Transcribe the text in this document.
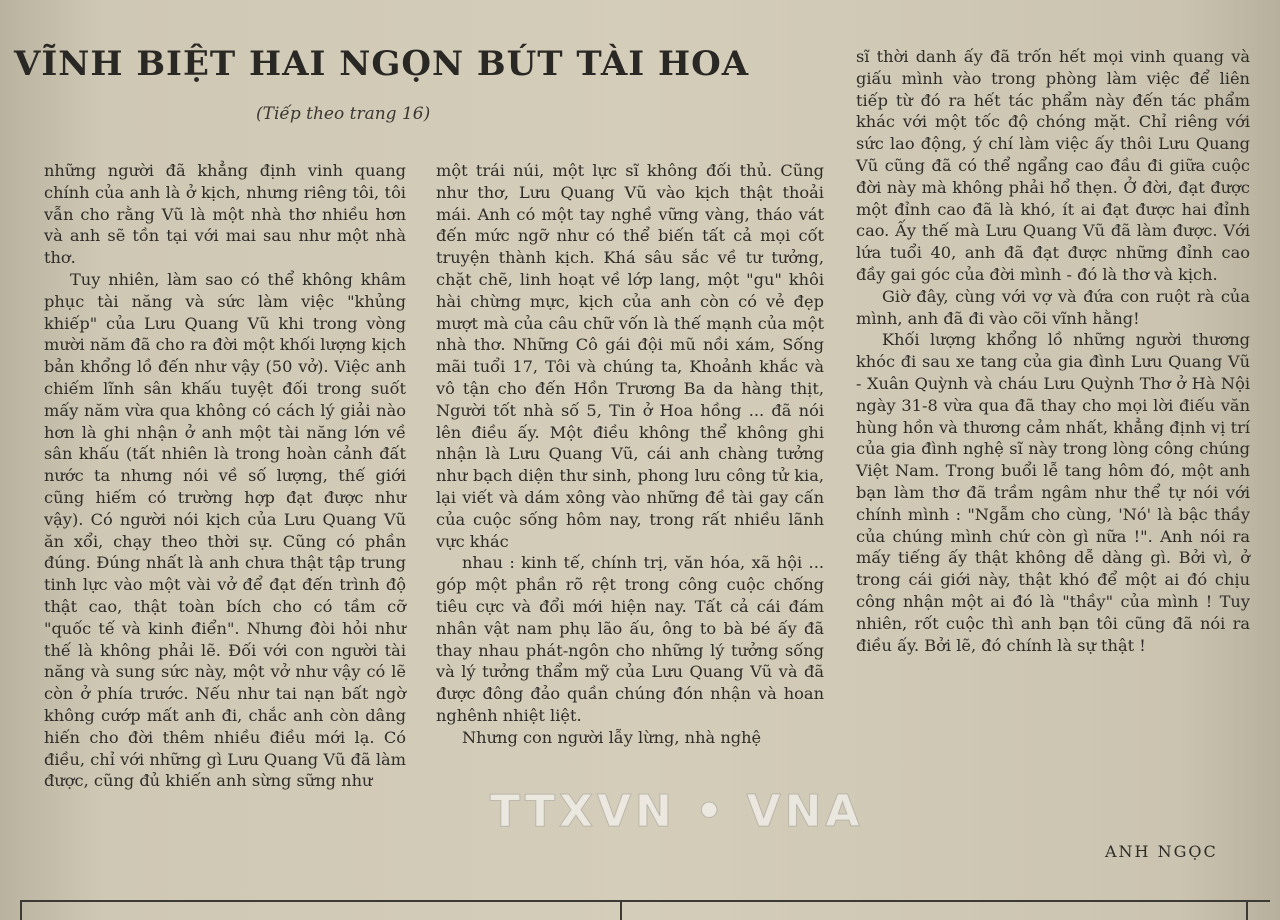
VĨNH BIỆT HAI NGỌN BÚT TÀI HOA
(Tiếp theo trang 16)

những người đã khẳng định vinh quang chính của anh là ở kịch, nhưng riêng tôi, tôi vẫn cho rằng Vũ là một nhà thơ nhiều hơn và anh sẽ tồn tại với mai sau như một nhà thơ.

Tuy nhiên, làm sao có thể không khâm phục tài năng và sức làm việc "khủng khiếp" của Lưu Quang Vũ khi trong vòng mười năm đã cho ra đời một khối lượng kịch bản khổng lồ đến như vậy (50 vở). Việc anh chiếm lĩnh sân khấu tuyệt đối trong suốt mấy năm vừa qua không có cách lý giải nào hơn là ghi nhận ở anh một tài năng lớn về sân khấu (tất nhiên là trong hoàn cảnh đất nước ta nhưng nói về số lượng, thế giới cũng hiếm có trường hợp đạt được như vậy). Có người nói kịch của Lưu Quang Vũ ăn xổi, chạy theo thời sự. Cũng có phần đúng. Đúng nhất là anh chưa thật tập trung tinh lực vào một vài vở để đạt đến trình độ thật cao, thật toàn bích cho có tầm cỡ "quốc tế và kinh điển". Nhưng đòi hỏi như thế là không phải lẽ. Đối với con người tài năng và sung sức này, một vở như vậy có lẽ còn ở phía trước. Nếu như tai nạn bất ngờ không cướp mất anh đi, chắc anh còn dâng hiến cho đời thêm nhiều điều mới lạ. Có điều, chỉ với những gì Lưu Quang Vũ đã làm được, cũng đủ khiến anh sừng sững như

một trái núi, một lực sĩ không đối thủ. Cũng như thơ, Lưu Quang Vũ vào kịch thật thoải mái. Anh có một tay nghề vững vàng, tháo vát đến mức ngỡ như có thể biến tất cả mọi cốt truyện thành kịch. Khá sâu sắc về tư tưởng, chặt chẽ, linh hoạt về lớp lang, một "gu" khôi hài chừng mực, kịch của anh còn có vẻ đẹp mượt mà của câu chữ vốn là thế mạnh của một nhà thơ. Những Cô gái đội mũ nồi xám, Sống mãi tuổi 17, Tôi và chúng ta, Khoảnh khắc và vô tận cho đến Hồn Trương Ba da hàng thịt, Người tốt nhà số 5, Tin ở Hoa hồng ... đã nói lên điều ấy. Một điều không thể không ghi nhận là Lưu Quang Vũ, cái anh chàng tưởng như bạch diện thư sinh, phong lưu công tử kia, lại viết và dám xông vào những đề tài gay cấn của cuộc sống hôm nay, trong rất nhiều lãnh vực khác

nhau : kinh tế, chính trị, văn hóa, xã hội ... góp một phần rõ rệt trong công cuộc chống tiêu cực và đổi mới hiện nay. Tất cả cái đám nhân vật nam phụ lão ấu, ông to bà bé ấy đã thay nhau phát-ngôn cho những lý tưởng sống và lý tưởng thẩm mỹ của Lưu Quang Vũ và đã được đông đảo quần chúng đón nhận và hoan nghênh nhiệt liệt.

Nhưng con người lẫy lừng, nhà nghệ

sĩ thời danh ấy đã trốn hết mọi vinh quang và giấu mình vào trong phòng làm việc để liên tiếp từ đó ra hết tác phẩm này đến tác phẩm khác với một tốc độ chóng mặt. Chỉ riêng với sức lao động, ý chí làm việc ấy thôi Lưu Quang Vũ cũng đã có thể ngẩng cao đầu đi giữa cuộc đời này mà không phải hổ thẹn. Ở đời, đạt được một đỉnh cao đã là khó, ít ai đạt được hai đỉnh cao. Ấy thế mà Lưu Quang Vũ đã làm được. Với lứa tuổi 40, anh đã đạt được những đỉnh cao đầy gai góc của đời mình - đó là thơ và kịch.

Giờ đây, cùng với vợ và đứa con ruột rà của mình, anh đã đi vào cõi vĩnh hằng!

Khối lượng khổng lồ những người thương khóc đi sau xe tang của gia đình Lưu Quang Vũ - Xuân Quỳnh và cháu Lưu Quỳnh Thơ ở Hà Nội ngày 31-8 vừa qua đã thay cho mọi lời điếu văn hùng hồn và thương cảm nhất, khẳng định vị trí của gia đình nghệ sĩ này trong lòng công chúng Việt Nam. Trong buổi lễ tang hôm đó, một anh bạn làm thơ đã trầm ngâm như thể tự nói với chính mình : "Ngẫm cho cùng, 'Nó' là bậc thầy của chúng mình chứ còn gì nữa !". Anh nói ra mấy tiếng ấy thật không dễ dàng gì. Bởi vì, ở trong cái giới này, thật khó để một ai đó chịu công nhận một ai đó là "thầy" của mình ! Tuy nhiên, rốt cuộc thì anh bạn tôi cũng đã nói ra điều ấy. Bởi lẽ, đó chính là sự thật !

ANH NGỌC
TTXVN • VNA
